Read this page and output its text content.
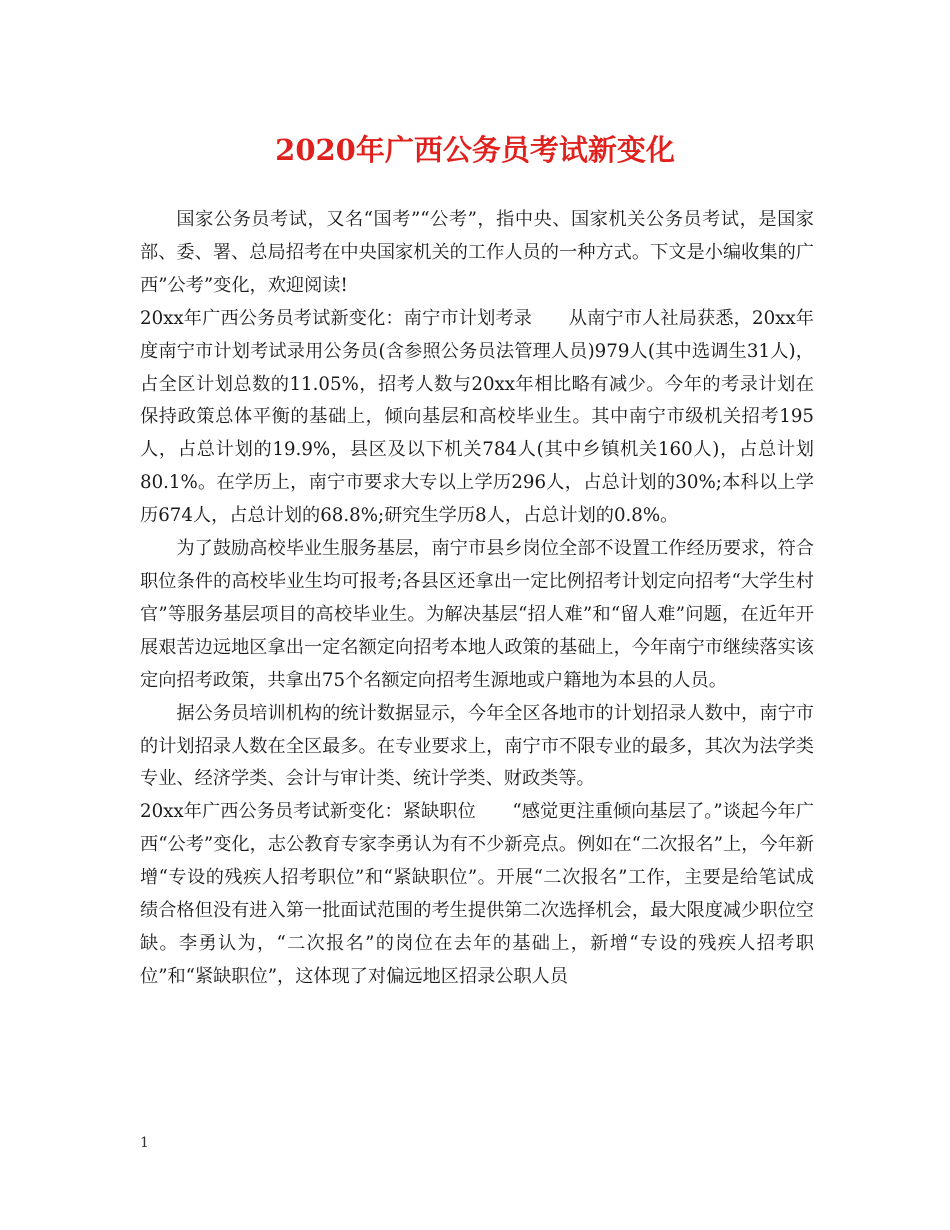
2020年广西公务员考试新变化

国家公务员考试，又名“国考”“公考”，指中央、国家机关公务员考试，是国家部、委、署、总局招考在中央国家机关的工作人员的一种方式。下文是小编收集的广西”公考”变化，欢迎阅读!

20xx年广西公务员考试新变化：南宁市计划考录　　从南宁市人社局获悉，20xx年度南宁市计划考试录用公务员(含参照公务员法管理人员)979人(其中选调生31人)，占全区计划总数的11.05%，招考人数与20xx年相比略有减少。今年的考录计划在保持政策总体平衡的基础上，倾向基层和高校毕业生。其中南宁市级机关招考195人，占总计划的19.9%，县区及以下机关784人(其中乡镇机关160人)，占总计划80.1%。在学历上，南宁市要求大专以上学历296人，占总计划的30%;本科以上学历674人，占总计划的68.8%;研究生学历8人，占总计划的0.8%。

为了鼓励高校毕业生服务基层，南宁市县乡岗位全部不设置工作经历要求，符合职位条件的高校毕业生均可报考;各县区还拿出一定比例招考计划定向招考“大学生村官”等服务基层项目的高校毕业生。为解决基层“招人难”和“留人难”问题，在近年开展艰苦边远地区拿出一定名额定向招考本地人政策的基础上，今年南宁市继续落实该定向招考政策，共拿出75个名额定向招考生源地或户籍地为本县的人员。

据公务员培训机构的统计数据显示，今年全区各地市的计划招录人数中，南宁市的计划招录人数在全区最多。在专业要求上，南宁市不限专业的最多，其次为法学类专业、经济学类、会计与审计类、统计学类、财政类等。

20xx年广西公务员考试新变化：紧缺职位　　“感觉更注重倾向基层了。”谈起今年广西“公考”变化，志公教育专家李勇认为有不少新亮点。例如在“二次报名”上，今年新增“专设的残疾人招考职位”和“紧缺职位”。开展“二次报名”工作，主要是给笔试成绩合格但没有进入第一批面试范围的考生提供第二次选择机会，最大限度减少职位空缺。李勇认为，“二次报名”的岗位在去年的基础上，新增“专设的残疾人招考职位”和“紧缺职位”，这体现了对偏远地区招录公职人员

1
